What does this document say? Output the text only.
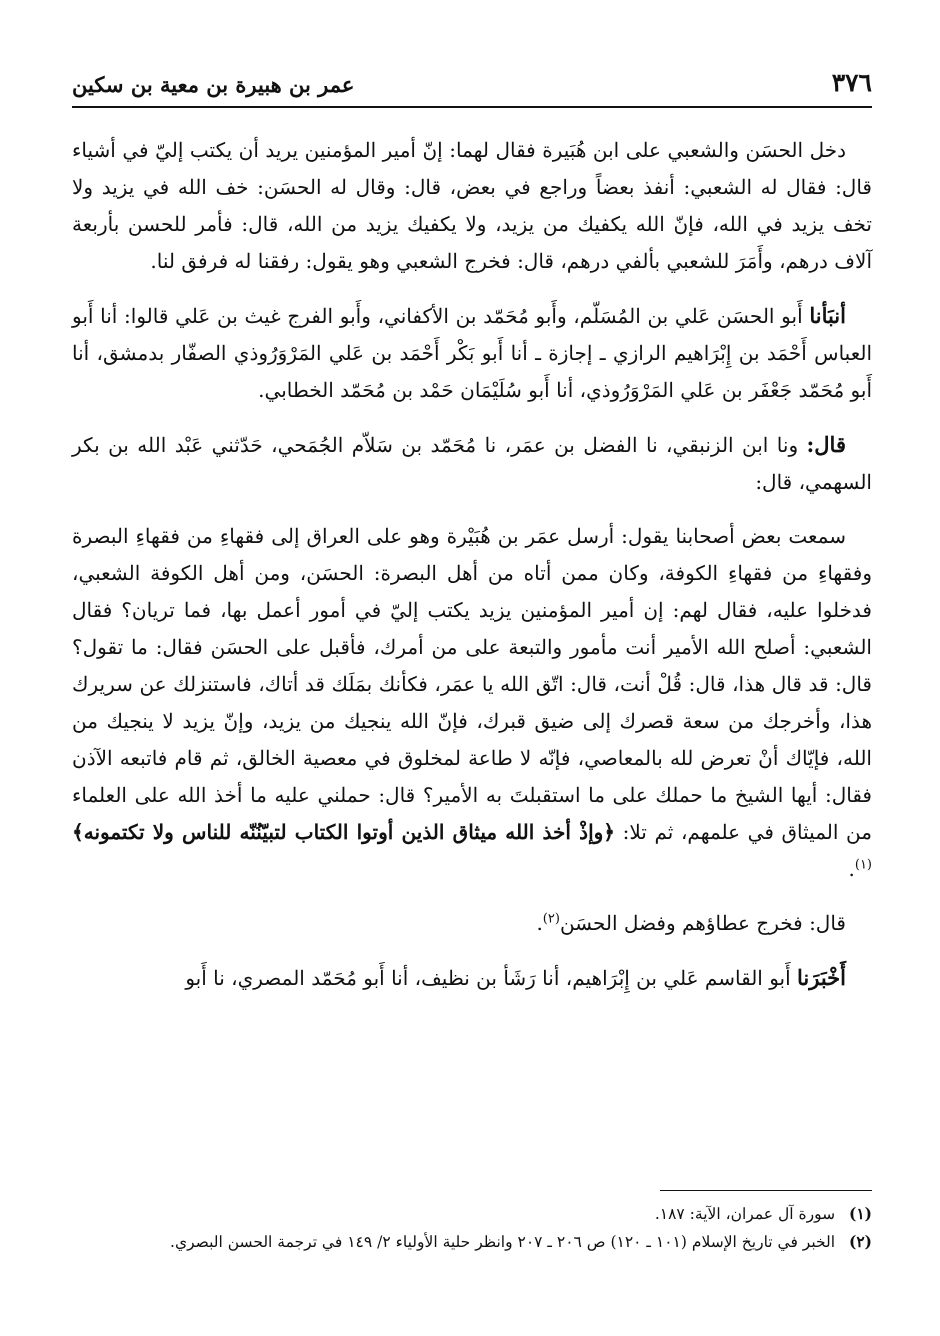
٣٧٦
عمر بن هبيرة بن معية بن سكين

دخل الحسَن والشعبي على ابن هُبَيرة فقال لهما: إنّ أمير المؤمنين يريد أن يكتب إليّ في أشياء قال: فقال له الشعبي: أنفذ بعضاً وراجع في بعض، قال: وقال له الحسَن: خف الله في يزيد ولا تخف يزيد في الله، فإنّ الله يكفيك من يزيد، ولا يكفيك يزيد من الله، قال: فأمر للحسن بأربعة آلاف درهم، وأَمَرَ للشعبي بألفي درهم، قال: فخرج الشعبي وهو يقول: رفقنا له فرفق لنا.

أنبَأنا أَبو الحسَن عَلي بن المُسَلّم، وأَبو مُحَمّد بن الأكفاني، وأَبو الفرج غيث بن عَلي قالوا: أنا أَبو العباس أَحْمَد بن إِبْرَاهيم الرازي ـ إجازة ـ أنا أَبو بَكْر أَحْمَد بن عَلي المَرْوَرُوذي الصفّار بدمشق، أنا أَبو مُحَمّد جَعْفَر بن عَلي المَرْوَرُوذي، أنا أَبو سُلَيْمَان حَمْد بن مُحَمّد الخطابي.

قال: ونا ابن الزنبقي، نا الفضل بن عمَر، نا مُحَمّد بن سَلاّم الجُمَحي، حَدّثني عَبْد الله بن بكر السهمي، قال:

سمعت بعض أصحابنا يقول: أرسل عمَر بن هُبَيْرة وهو على العراق إلى فقهاءِ من فقهاءِ البصرة وفقهاءِ من فقهاءِ الكوفة، وكان ممن أتاه من أهل البصرة: الحسَن، ومن أهل الكوفة الشعبي، فدخلوا عليه، فقال لهم: إن أمير المؤمنين يزيد يكتب إليّ في أمور أعمل بها، فما تريان؟ فقال الشعبي: أصلح الله الأمير أنت مأمور والتبعة على من أمرك، فأقبل على الحسَن فقال: ما تقول؟ قال: قد قال هذا، قال: قُلْ أنت، قال: اتّق الله يا عمَر، فكأنك بمَلَك قد أتاك، فاستنزلك عن سريرك هذا، وأخرجك من سعة قصرك إلى ضيق قبرك، فإنّ الله ينجيك من يزيد، وإنّ يزيد لا ينجيك من الله، فإيّاك أنْ تعرض لله بالمعاصي، فإنّه لا طاعة لمخلوق في معصية الخالق، ثم قام فاتبعه الآذن فقال: أيها الشيخ ما حملك على ما استقبلتَ به الأمير؟ قال: حملني عليه ما أخذ الله على العلماء من الميثاق في علمهم، ثم تلا: ﴿وإذْ أخذ الله ميثاق الذين أوتوا الكتاب لتبيّنُنّه للناس ولا تكتمونه﴾$^{(١)}$.

قال: فخرج عطاؤهم وفضل الحسَن$^{(٢)}$.

أَخْبَرَنا أَبو القاسم عَلي بن إِبْرَاهيم، أنا رَشَأ بن نظيف، أنا أَبو مُحَمّد المصري، نا أَبو

(١) سورة آل عمران، الآية: ١٨٧.

(٢) الخبر في تاريخ الإسلام (١٠١ ـ ١٢٠) ص ٢٠٦ ـ ٢٠٧ وانظر حلية الأولياء ٢/ ١٤٩ في ترجمة الحسن البصري.
